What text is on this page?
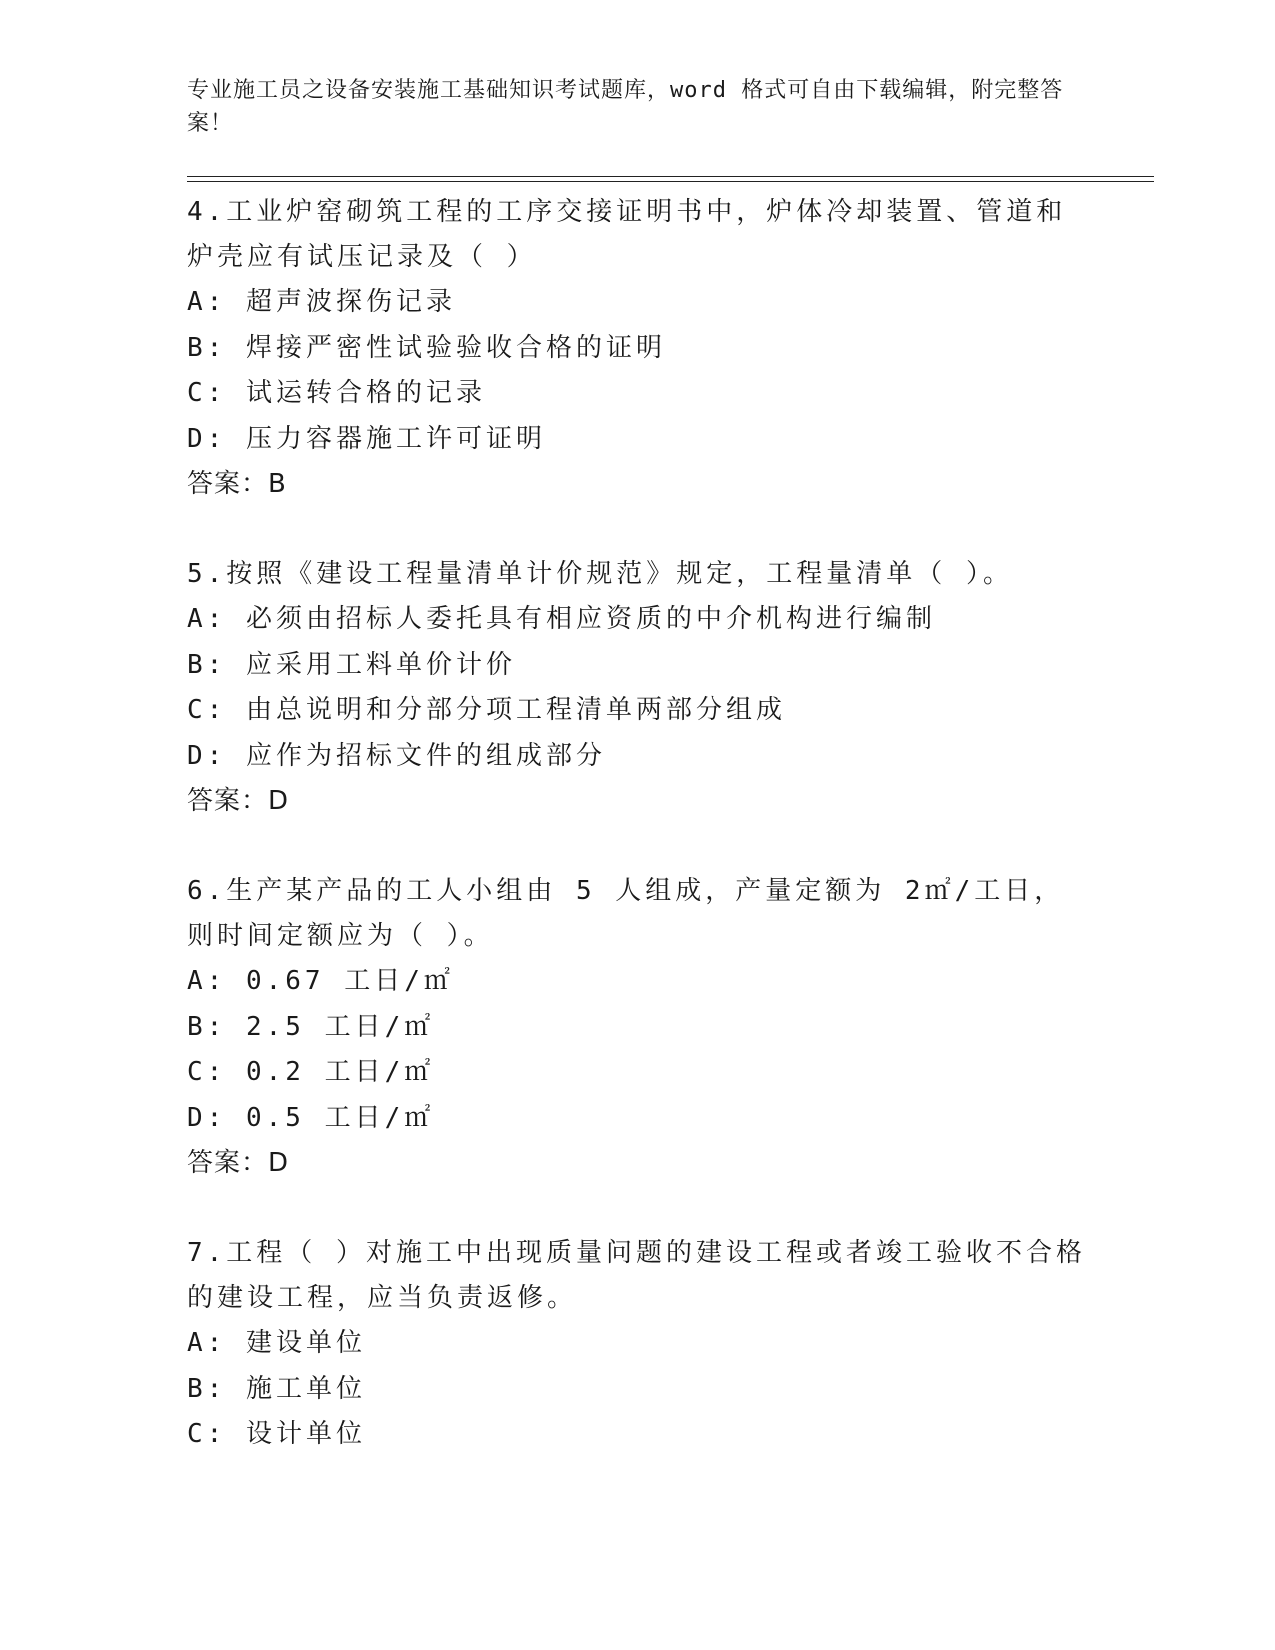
专业施工员之设备安装施工基础知识考试题库，word 格式可自由下载编辑，附完整答案！
4.工业炉窑砌筑工程的工序交接证明书中，炉体冷却装置、管道和炉壳应有试压记录及（ ）
A: 超声波探伤记录
B: 焊接严密性试验验收合格的证明
C: 试运转合格的记录
D: 压力容器施工许可证明
答案：B
5.按照《建设工程量清单计价规范》规定，工程量清单（ ）。
A: 必须由招标人委托具有相应资质的中介机构进行编制
B: 应采用工料单价计价
C: 由总说明和分部分项工程清单两部分组成
D: 应作为招标文件的组成部分
答案：D
6.生产某产品的工人小组由 5 人组成，产量定额为 2㎡/工日，则时间定额应为（ ）。
A: 0.67 工日/㎡
B: 2.5 工日/㎡
C: 0.2 工日/㎡
D: 0.5 工日/㎡
答案：D
7.工程（ ）对施工中出现质量问题的建设工程或者竣工验收不合格的建设工程，应当负责返修。
A: 建设单位
B: 施工单位
C: 设计单位
